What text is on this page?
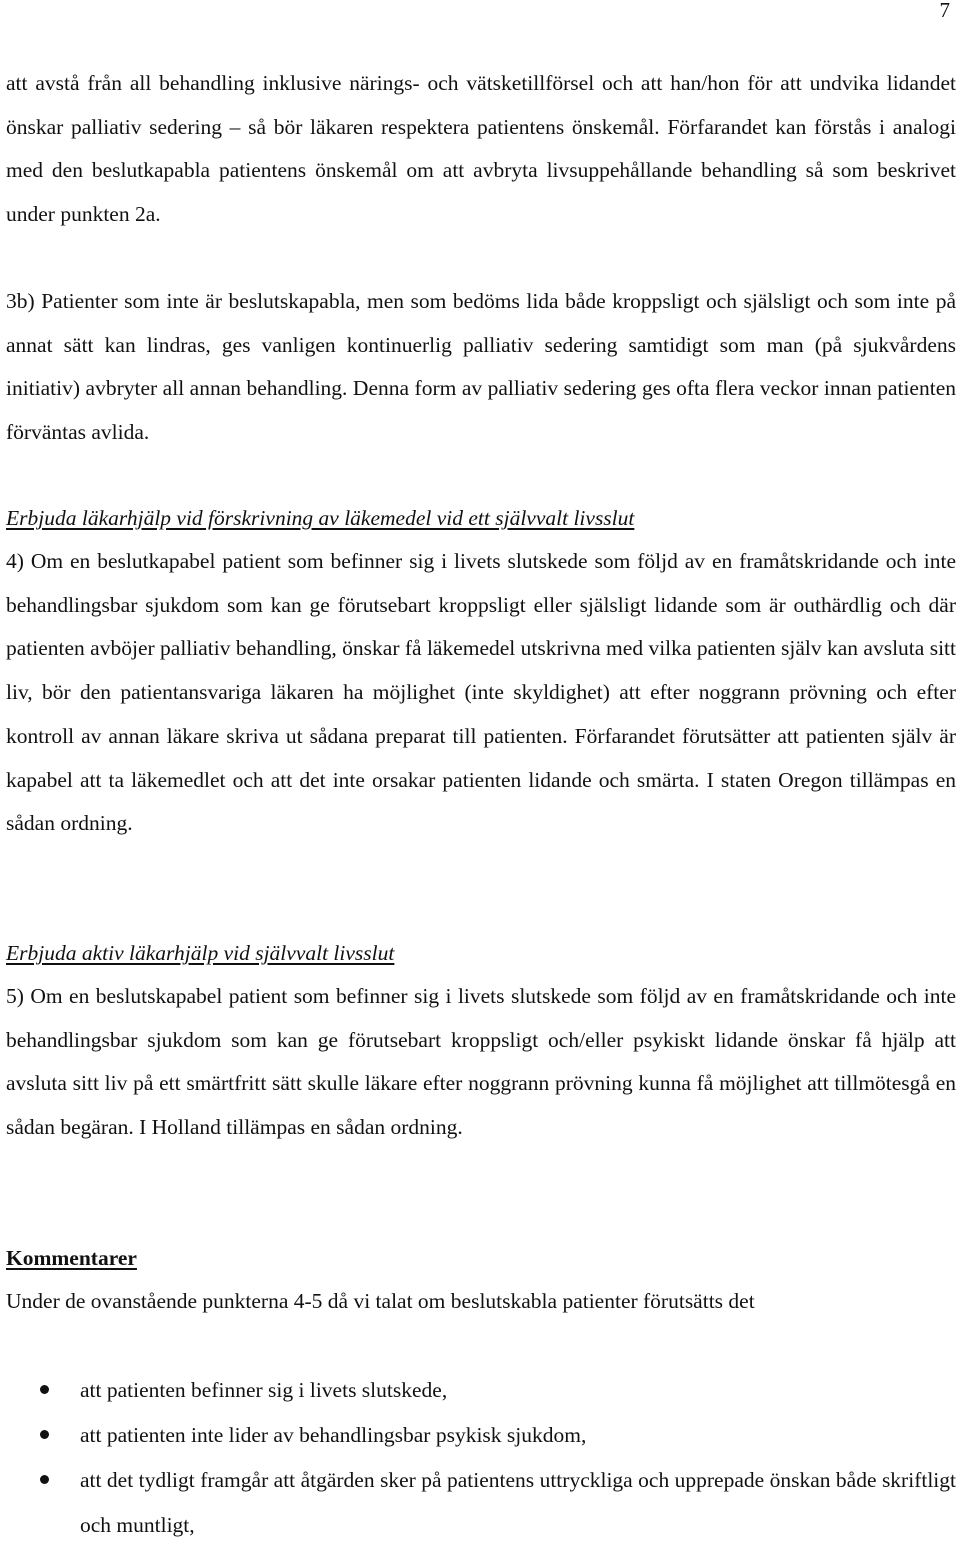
7

att avstå från all behandling inklusive närings- och vätsketillförsel och att han/hon för att undvika lidandet önskar palliativ sedering – så bör läkaren respektera patientens önskemål. Förfarandet kan förstås i analogi med den beslutkapabla patientens önskemål om att avbryta livsuppehållande behandling så som beskrivet under punkten 2a.

3b) Patienter som inte är beslutskapabla, men som bedöms lida både kroppsligt och själsligt och som inte på annat sätt kan lindras, ges vanligen kontinuerlig palliativ sedering samtidigt som man (på sjukvårdens initiativ) avbryter all annan behandling. Denna form av palliativ sedering ges ofta flera veckor innan patienten förväntas avlida.

Erbjuda läkarhjälp vid förskrivning av läkemedel vid ett självvalt livsslut

4) Om en beslutkapabel patient som befinner sig i livets slutskede som följd av en framåtskridande och inte behandlingsbar sjukdom som kan ge förutsebart kroppsligt eller själsligt lidande som är outhärdlig och där patienten avböjer palliativ behandling, önskar få läkemedel utskrivna med vilka patienten själv kan avsluta sitt liv, bör den patientansvariga läkaren ha möjlighet (inte skyldighet) att efter noggrann prövning och efter kontroll av annan läkare skriva ut sådana preparat till patienten. Förfarandet förutsätter att patienten själv är kapabel att ta läkemedlet och att det inte orsakar patienten lidande och smärta. I staten Oregon tillämpas en sådan ordning.

Erbjuda aktiv läkarhjälp vid självvalt livsslut

5) Om en beslutskapabel patient som befinner sig i livets slutskede som följd av en framåtskridande och inte behandlingsbar sjukdom som kan ge förutsebart kroppsligt och/eller psykiskt lidande önskar få hjälp att avsluta sitt liv på ett smärtfritt sätt skulle läkare efter noggrann prövning kunna få möjlighet att tillmötesgå en sådan begäran. I Holland tillämpas en sådan ordning.

Kommentarer

Under de ovanstående punkterna 4-5 då vi talat om beslutskabla patienter förutsätts det

att patienten befinner sig i livets slutskede,
att patienten inte lider av behandlingsbar psykisk sjukdom,
att det tydligt framgår att åtgärden sker på patientens uttryckliga och upprepade önskan både skriftligt och muntligt,
